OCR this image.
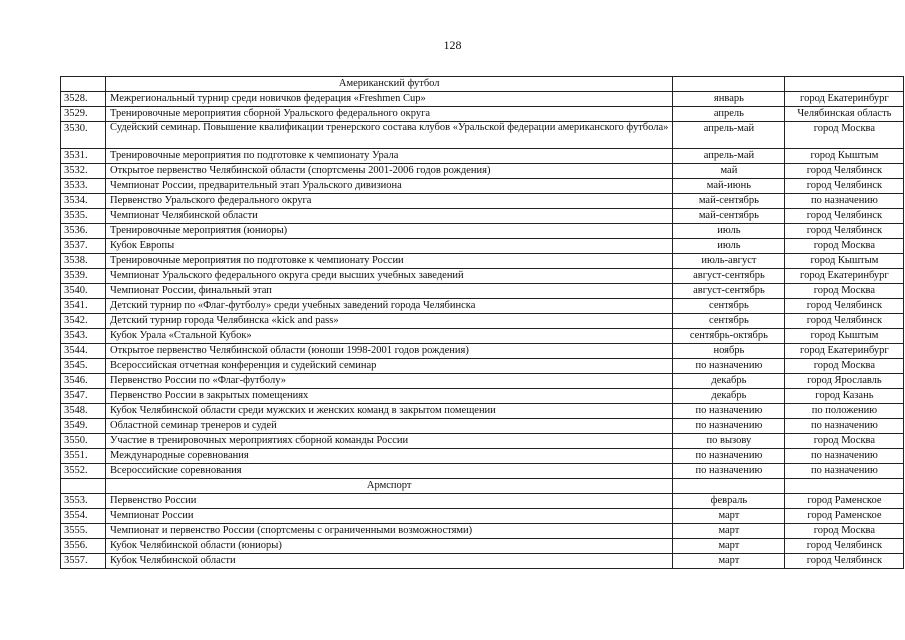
128
	Американский футбол		
3528.	Межрегиональный турнир среди новичков федерация «Freshmen Cup»	январь	город Екатеринбург
3529.	Тренировочные мероприятия сборной Уральского федерального округа	апрель	Челябинская область
3530.	Судейский семинар. Повышение квалификации тренерского состава клубов «Уральской федерации американского футбола»	апрель-май	город Москва
3531.	Тренировочные мероприятия по подготовке к чемпионату Урала	апрель-май	город Кыштым
3532.	Открытое первенство Челябинской области (спортсмены 2001-2006 годов рождения)	май	город Челябинск
3533.	Чемпионат России, предварительный этап Уральского дивизиона	май-июнь	город Челябинск
3534.	Первенство Уральского федерального округа	май-сентябрь	по назначению
3535.	Чемпионат Челябинской области	май-сентябрь	город Челябинск
3536.	Тренировочные мероприятия (юниоры)	июль	город Челябинск
3537.	Кубок Европы	июль	город Москва
3538.	Тренировочные мероприятия по подготовке к чемпионату России	июль-август	город Кыштым
3539.	Чемпионат Уральского федерального округа среди высших учебных заведений	август-сентябрь	город Екатеринбург
3540.	Чемпионат России, финальный этап	август-сентябрь	город Москва
3541.	Детский турнир по «Флаг-футболу» среди учебных заведений города Челябинска	сентябрь	город Челябинск
3542.	Детский турнир города Челябинска «kick and pass»	сентябрь	город Челябинск
3543.	Кубок Урала «Стальной Кубок»	сентябрь-октябрь	город Кыштым
3544.	Открытое первенство Челябинской области (юноши 1998-2001 годов рождения)	ноябрь	город Екатеринбург
3545.	Всероссийская отчетная конференция и судейский семинар	по назначению	город Москва
3546.	Первенство России по «Флаг-футболу»	декабрь	город Ярославль
3547.	Первенство России в закрытых помещениях	декабрь	город Казань
3548.	Кубок Челябинской области среди мужских и женских команд в закрытом помещении	по назначению	по положению
3549.	Областной семинар тренеров и судей	по назначению	по назначению
3550.	Участие в тренировочных мероприятиях сборной команды России	по вызову	город Москва
3551.	Международные соревнования	по назначению	по назначению
3552.	Всероссийские соревнования	по назначению	по назначению
	Армспорт		
3553.	Первенство России	февраль	город Раменское
3554.	Чемпионат России	март	город Раменское
3555.	Чемпионат и первенство России (спортсмены с ограниченными возможностями)	март	город Москва
3556.	Кубок Челябинской области (юниоры)	март	город Челябинск
3557.	Кубок Челябинской области	март	город Челябинск
